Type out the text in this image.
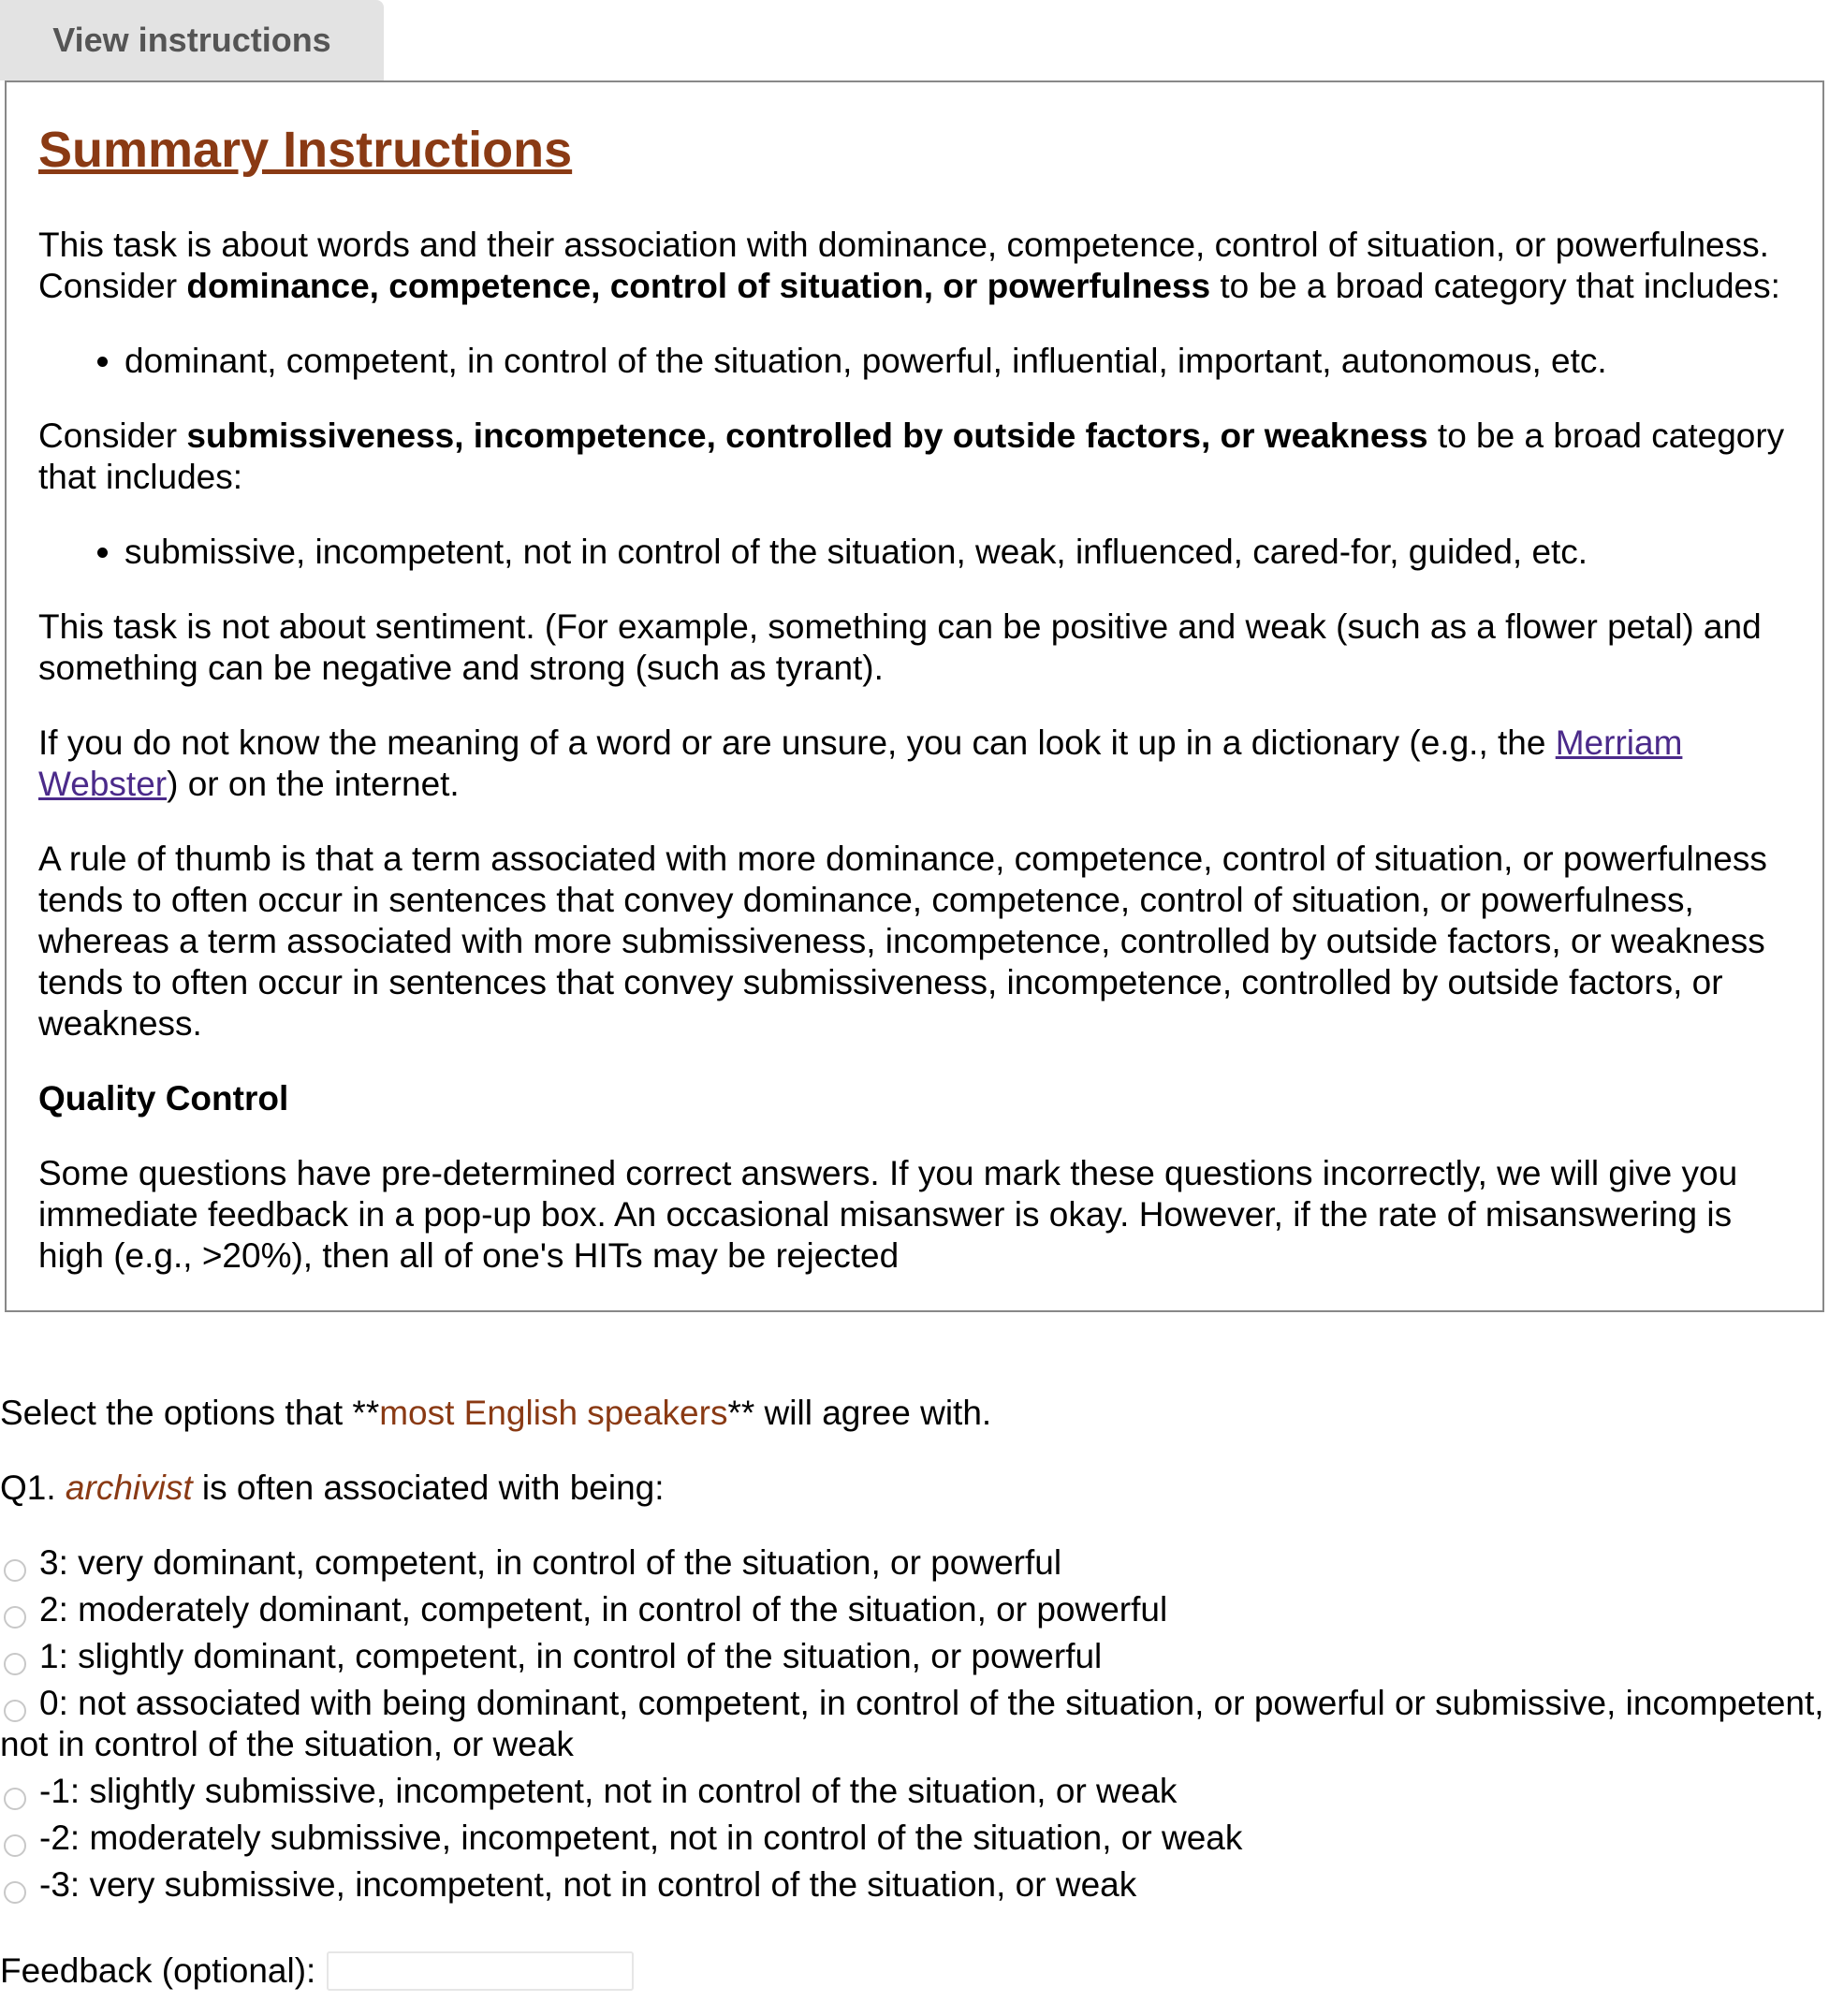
View instructions
Summary Instructions

This task is about words and their association with dominance, competence, control of situation, or powerfulness.
Consider dominance, competence, control of situation, or powerfulness to be a broad category that includes:

• dominant, competent, in control of the situation, powerful, influential, important, autonomous, etc.

Consider submissiveness, incompetence, controlled by outside factors, or weakness to be a broad category that includes:

• submissive, incompetent, not in control of the situation, weak, influenced, cared-for, guided, etc.

This task is not about sentiment. (For example, something can be positive and weak (such as a flower petal) and something can be negative and strong (such as tyrant).

If you do not know the meaning of a word or are unsure, you can look it up in a dictionary (e.g., the Merriam Webster) or on the internet.

A rule of thumb is that a term associated with more dominance, competence, control of situation, or powerfulness tends to often occur in sentences that convey dominance, competence, control of situation, or powerfulness, whereas a term associated with more submissiveness, incompetence, controlled by outside factors, or weakness tends to often occur in sentences that convey submissiveness, incompetence, controlled by outside factors, or weakness.

Quality Control

Some questions have pre-determined correct answers. If you mark these questions incorrectly, we will give you immediate feedback in a pop-up box. An occasional misanswer is okay. However, if the rate of misanswering is high (e.g., >20%), then all of one's HITs may be rejected

Select the options that **most English speakers** will agree with.

Q1. archivist is often associated with being:

3: very dominant, competent, in control of the situation, or powerful
2: moderately dominant, competent, in control of the situation, or powerful
1: slightly dominant, competent, in control of the situation, or powerful
0: not associated with being dominant, competent, in control of the situation, or powerful or submissive, incompetent, not in control of the situation, or weak
-1: slightly submissive, incompetent, not in control of the situation, or weak
-2: moderately submissive, incompetent, not in control of the situation, or weak
-3: very submissive, incompetent, not in control of the situation, or weak
Feedback (optional):
